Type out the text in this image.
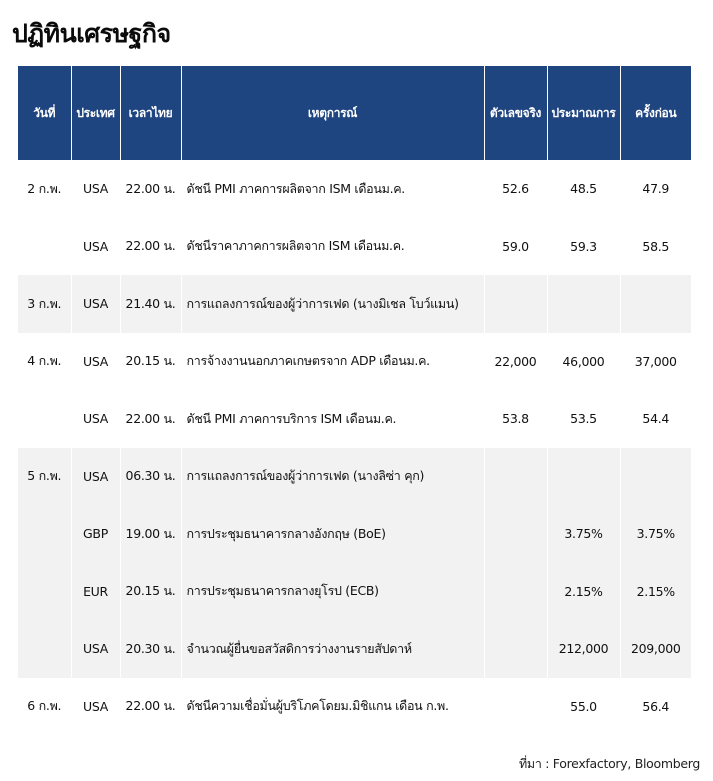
ปฏิทินเศรษฐกิจ
วันที่	ประเทศ	เวลาไทย	เหตุการณ์	ตัวเลขจริง	ประมาณการ	ครั้งก่อน
2 ก.พ.	USA	22.00 น.	ดัชนี PMI ภาคการผลิตจาก ISM เดือนม.ค.	52.6	48.5	47.9
	USA	22.00 น.	ดัชนีราคาภาคการผลิตจาก ISM เดือนม.ค.	59.0	59.3	58.5
3 ก.พ.	USA	21.40 น.	การแถลงการณ์ของผู้ว่าการเฟด (นางมิเชล โบว์แมน)			
4 ก.พ.	USA	20.15 น.	การจ้างงานนอกภาคเกษตรจาก ADP เดือนม.ค.	22,000	46,000	37,000
	USA	22.00 น.	ดัชนี PMI ภาคการบริการ ISM เดือนม.ค.	53.8	53.5	54.4
5 ก.พ.	USA	06.30 น.	การแถลงการณ์ของผู้ว่าการเฟด (นางลิซ่า คุก)			
	GBP	19.00 น.	การประชุมธนาคารกลางอังกฤษ (BoE)		3.75%	3.75%
	EUR	20.15 น.	การประชุมธนาคารกลางยุโรป (ECB)		2.15%	2.15%
	USA	20.30 น.	จำนวณผู้ยื่นขอสวัสดิการว่างงานรายสัปดาห์		212,000	209,000
6 ก.พ.	USA	22.00 น.	ดัชนีความเชื่อมั่นผู้บริโภคโดยม.มิชิแกน เดือน ก.พ.		55.0	56.4
ที่มา : Forexfactory, Bloomberg
